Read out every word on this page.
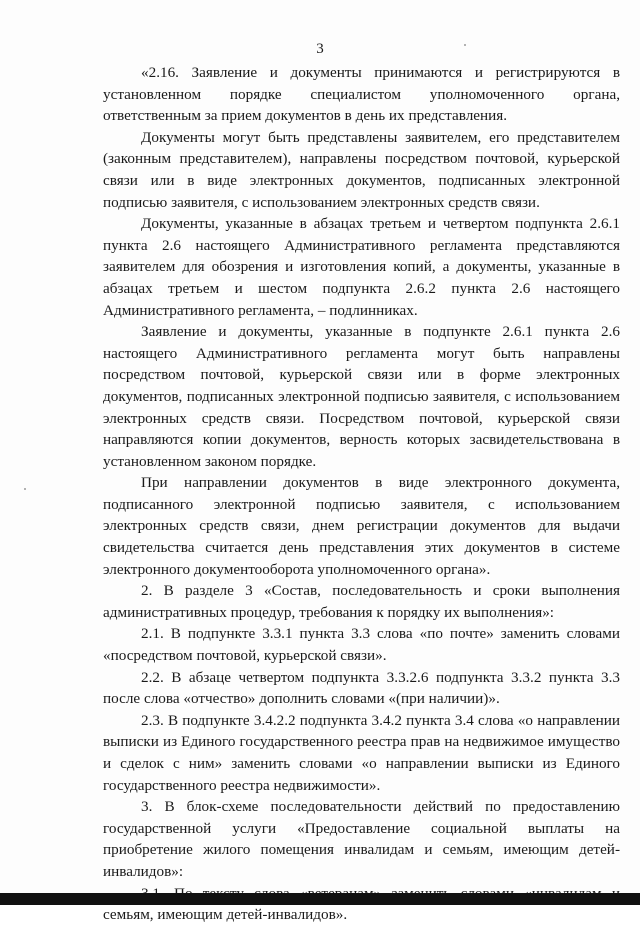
3

«2.16. Заявление и документы принимаются и регистрируются в установленном порядке специалистом уполномоченного органа, ответственным за прием документов в день их представления.

Документы могут быть представлены заявителем, его представителем (законным представителем), направлены посредством почтовой, курьерской связи или в виде электронных документов, подписанных электронной подписью заявителя, с использованием электронных средств связи.

Документы, указанные в абзацах третьем и четвертом подпункта 2.6.1 пункта 2.6 настоящего Административного регламента представляются заявителем для обозрения и изготовления копий, а документы, указанные в абзацах третьем и шестом подпункта 2.6.2 пункта 2.6 настоящего Административного регламента, – подлинниках.

Заявление и документы, указанные в подпункте 2.6.1 пункта 2.6 настоящего Административного регламента могут быть направлены посредством почтовой, курьерской связи или в форме электронных документов, подписанных электронной подписью заявителя, с использованием электронных средств связи. Посредством почтовой, курьерской связи направляются копии документов, верность которых засвидетельствована в установленном законом порядке.

При направлении документов в виде электронного документа, подписанного электронной подписью заявителя, с использованием электронных средств связи, днем регистрации документов для выдачи свидетельства считается день представления этих документов в системе электронного документооборота уполномоченного органа».

2. В разделе 3 «Состав, последовательность и сроки выполнения административных процедур, требования к порядку их выполнения»:

2.1. В подпункте 3.3.1 пункта 3.3 слова «по почте» заменить словами «посредством почтовой, курьерской связи».

2.2. В абзаце четвертом подпункта 3.3.2.6 подпункта 3.3.2 пункта 3.3 после слова «отчество» дополнить словами «(при наличии)».

2.3. В подпункте 3.4.2.2 подпункта 3.4.2 пункта 3.4 слова «о направлении выписки из Единого государственного реестра прав на недвижимое имущество и сделок с ним» заменить словами «о направлении выписки из Единого государственного реестра недвижимости».

3. В блок-схеме последовательности действий по предоставлению государственной услуги «Предоставление социальной выплаты на приобретение жилого помещения инвалидам и семьям, имеющим детей-инвалидов»:

семьям, имеющим детей-инвалидов».
